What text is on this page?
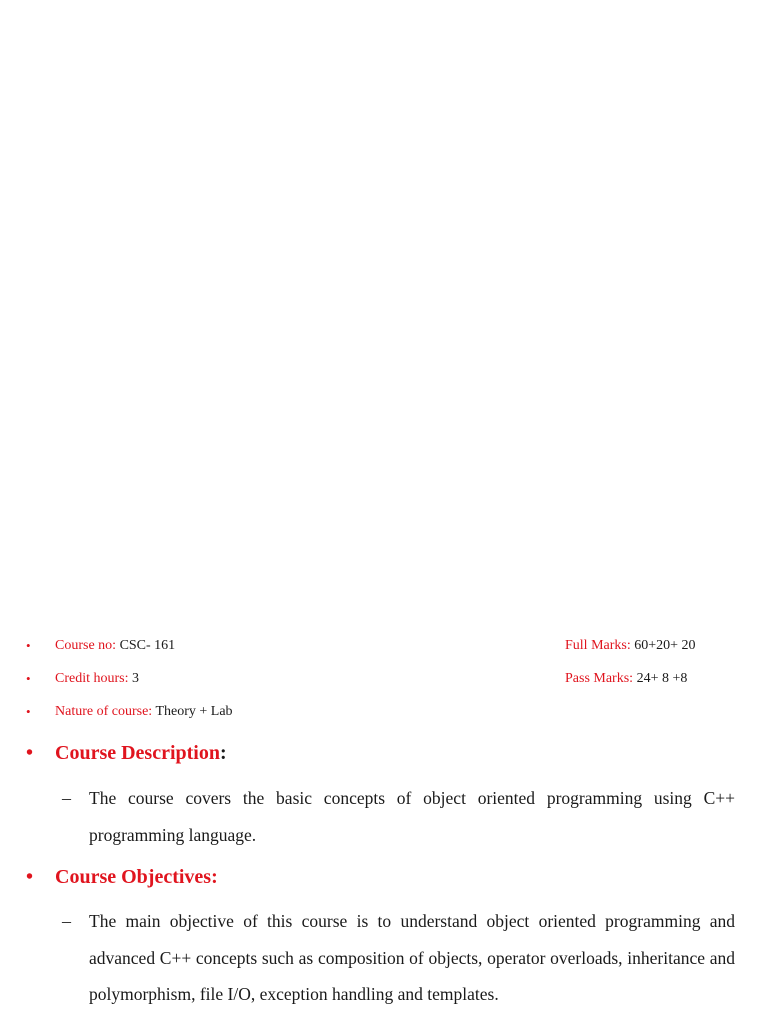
• Course no: CSC- 161	Full Marks: 60+20+ 20
• Credit hours: 3	Pass Marks: 24+ 8 +8
• Nature of course: Theory + Lab
• Course Description:
– The course covers the basic concepts of object oriented programming using C++ programming language.

• Course Objectives:
– The main objective of this course is to understand object oriented programming and advanced C++ concepts such as composition of objects, operator overloads, inheritance and polymorphism, file I/O, exception handling and templates.
